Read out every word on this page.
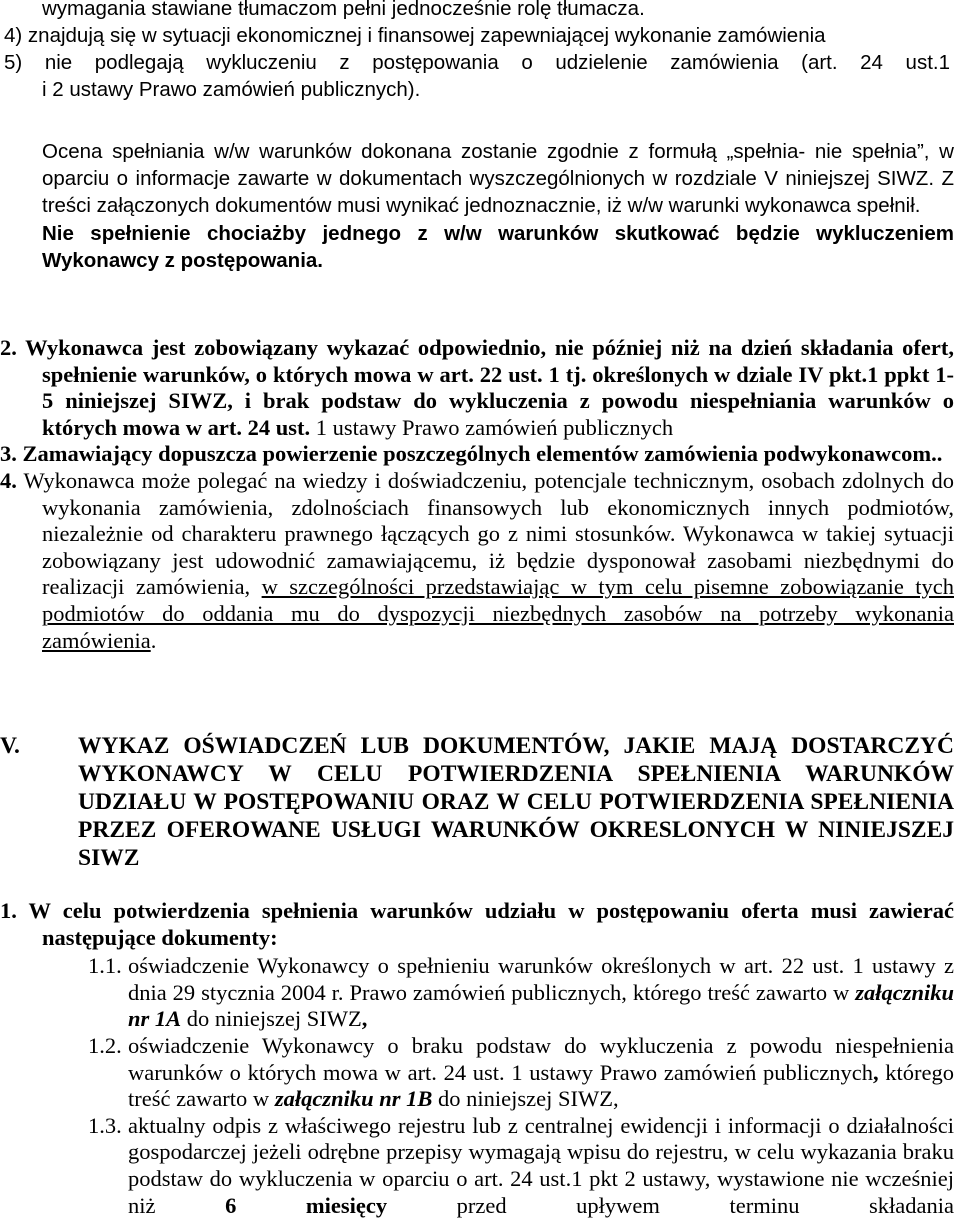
wymagania stawiane tłumaczom pełni jednocześnie rolę tłumacza.

4) znajdują się w sytuacji ekonomicznej i finansowej zapewniającej wykonanie zamówienia

5) nie podlegają wykluczeniu z postępowania o udzielenie zamówienia (art. 24 ust.1

i 2 ustawy Prawo zamówień publicznych).

Ocena spełniania w/w warunków dokonana zostanie zgodnie z formułą „spełnia- nie spełnia”, w oparciu o informacje zawarte w dokumentach wyszczególnionych w rozdziale V niniejszej SIWZ. Z treści załączonych dokumentów musi wynikać jednoznacznie, iż w/w warunki wykonawca spełnił.

Nie spełnienie chociażby jednego z w/w warunków skutkować będzie wykluczeniem Wykonawcy z postępowania.

2. Wykonawca jest zobowiązany wykazać odpowiednio, nie później niż na dzień składania ofert, spełnienie warunków, o których mowa w art. 22 ust. 1 tj. określonych w dziale IV pkt.1 ppkt 1-5 niniejszej SIWZ, i brak podstaw do wykluczenia z powodu niespełniania warunków o których mowa w art. 24 ust. 1 ustawy Prawo zamówień publicznych

3. Zamawiający dopuszcza powierzenie poszczególnych elementów zamówienia podwykonawcom..

4. Wykonawca może polegać na wiedzy i doświadczeniu, potencjale technicznym, osobach zdolnych do wykonania zamówienia, zdolnościach finansowych lub ekonomicznych innych podmiotów, niezależnie od charakteru prawnego łączących go z nimi stosunków. Wykonawca w takiej sytuacji zobowiązany jest udowodnić zamawiającemu, iż będzie dysponował zasobami niezbędnymi do realizacji zamówienia, w szczególności przedstawiając w tym celu pisemne zobowiązanie tych podmiotów do oddania mu do dyspozycji niezbędnych zasobów na potrzeby wykonania zamówienia.

V. WYKAZ OŚWIADCZEŃ LUB DOKUMENTÓW, JAKIE MAJĄ DOSTARCZYĆ WYKONAWCY W CELU POTWIERDZENIA SPEŁNIENIA WARUNKÓW UDZIAŁU W POSTĘPOWANIU ORAZ W CELU POTWIERDZENIA SPEŁNIENIA PRZEZ OFEROWANE USŁUGI WARUNKÓW OKRESLONYCH W NINIEJSZEJ SIWZ

1. W celu potwierdzenia spełnienia warunków udziału w postępowaniu oferta musi zawierać następujące dokumenty:

1.1. oświadczenie Wykonawcy o spełnieniu warunków określonych w art. 22 ust. 1 ustawy z dnia 29 stycznia 2004 r. Prawo zamówień publicznych, którego treść zawarto w załączniku nr 1A do niniejszej SIWZ,

1.2. oświadczenie Wykonawcy o braku podstaw do wykluczenia z powodu niespełnienia warunków o których mowa w art. 24 ust. 1 ustawy Prawo zamówień publicznych, którego treść zawarto w załączniku nr 1B do niniejszej SIWZ,

1.3. aktualny odpis z właściwego rejestru lub z centralnej ewidencji i informacji o działalności gospodarczej jeżeli odrębne przepisy wymagają wpisu do rejestru, w celu wykazania braku podstaw do wykluczenia w oparciu o art. 24 ust.1 pkt 2 ustawy, wystawione nie wcześniej niż 6 miesięcy przed upływem terminu składania
